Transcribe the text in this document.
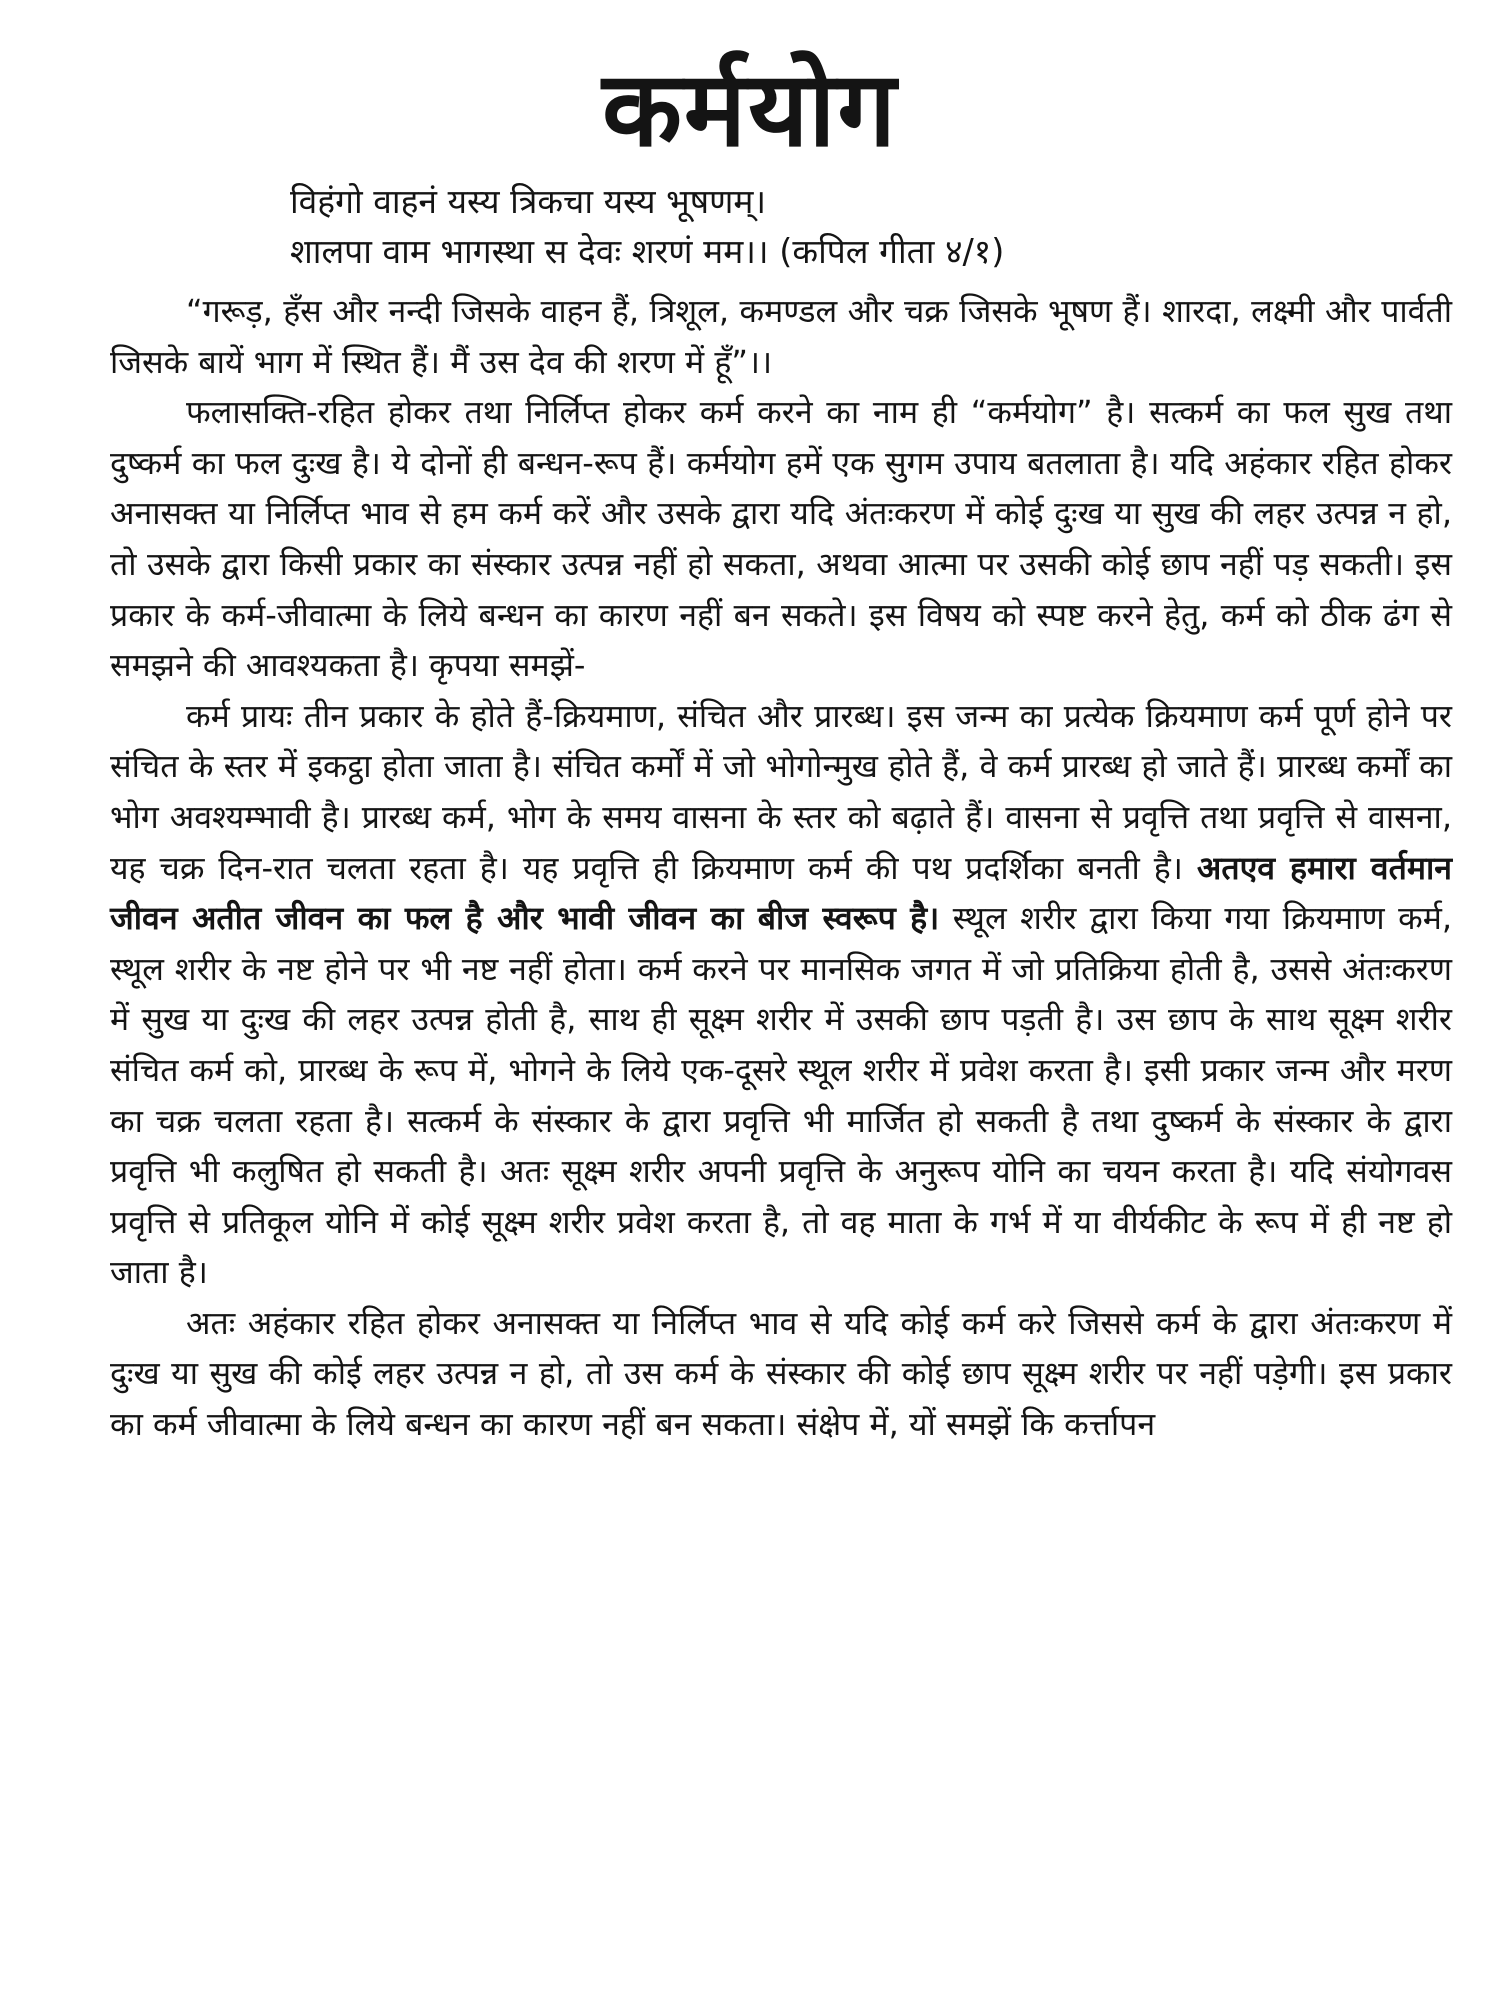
कर्मयोग
विहंगो वाहनं यस्य त्रिकचा यस्य भूषणम्।
शालपा वाम भागस्था स देवः शरणं मम।। (कपिल गीता ४/१)

“गरूड़, हँस और नन्दी जिसके वाहन हैं, त्रिशूल, कमण्डल और चक्र जिसके भूषण हैं। शारदा, लक्ष्मी और पार्वती जिसके बायें भाग में स्थित हैं। मैं उस देव की शरण में हूँ”।।

फलासक्ति-रहित होकर तथा निर्लिप्त होकर कर्म करने का नाम ही “कर्मयोग” है। सत्कर्म का फल सुख तथा दुष्कर्म का फल दुःख है। ये दोनों ही बन्धन-रूप हैं। कर्मयोग हमें एक सुगम उपाय बतलाता है। यदि अहंकार रहित होकर अनासक्त या निर्लिप्त भाव से हम कर्म करें और उसके द्वारा यदि अंतःकरण में कोई दुःख या सुख की लहर उत्पन्न न हो, तो उसके द्वारा किसी प्रकार का संस्कार उत्पन्न नहीं हो सकता, अथवा आत्मा पर उसकी कोई छाप नहीं पड़ सकती। इस प्रकार के कर्म-जीवात्मा के लिये बन्धन का कारण नहीं बन सकते। इस विषय को स्पष्ट करने हेतु, कर्म को ठीक ढंग से समझने की आवश्यकता है। कृपया समझें-

कर्म प्रायः तीन प्रकार के होते हैं-क्रियमाण, संचित और प्रारब्ध। इस जन्म का प्रत्येक क्रियमाण कर्म पूर्ण होने पर संचित के स्तर में इकट्ठा होता जाता है। संचित कर्मों में जो भोगोन्मुख होते हैं, वे कर्म प्रारब्ध हो जाते हैं। प्रारब्ध कर्मों का भोग अवश्यम्भावी है। प्रारब्ध कर्म, भोग के समय वासना के स्तर को बढ़ाते हैं। वासना से प्रवृत्ति तथा प्रवृत्ति से वासना, यह चक्र दिन-रात चलता रहता है। यह प्रवृत्ति ही क्रियमाण कर्म की पथ प्रदर्शिका बनती है। अतएव हमारा वर्तमान जीवन अतीत जीवन का फल है और भावी जीवन का बीज स्वरूप है। स्थूल शरीर द्वारा किया गया क्रियमाण कर्म, स्थूल शरीर के नष्ट होने पर भी नष्ट नहीं होता। कर्म करने पर मानसिक जगत में जो प्रतिक्रिया होती है, उससे अंतःकरण में सुख या दुःख की लहर उत्पन्न होती है, साथ ही सूक्ष्म शरीर में उसकी छाप पड़ती है। उस छाप के साथ सूक्ष्म शरीर संचित कर्म को, प्रारब्ध के रूप में, भोगने के लिये एक-दूसरे स्थूल शरीर में प्रवेश करता है। इसी प्रकार जन्म और मरण का चक्र चलता रहता है। सत्कर्म के संस्कार के द्वारा प्रवृत्ति भी मार्जित हो सकती है तथा दुष्कर्म के संस्कार के द्वारा प्रवृत्ति भी कलुषित हो सकती है। अतः सूक्ष्म शरीर अपनी प्रवृत्ति के अनुरूप योनि का चयन करता है। यदि संयोगवस प्रवृत्ति से प्रतिकूल योनि में कोई सूक्ष्म शरीर प्रवेश करता है, तो वह माता के गर्भ में या वीर्यकीट के रूप में ही नष्ट हो जाता है।

अतः अहंकार रहित होकर अनासक्त या निर्लिप्त भाव से यदि कोई कर्म करे जिससे कर्म के द्वारा अंतःकरण में दुःख या सुख की कोई लहर उत्पन्न न हो, तो उस कर्म के संस्कार की कोई छाप सूक्ष्म शरीर पर नहीं पड़ेगी। इस प्रकार का कर्म जीवात्मा के लिये बन्धन का कारण नहीं बन सकता। संक्षेप में, यों समझें कि कर्त्तापन
